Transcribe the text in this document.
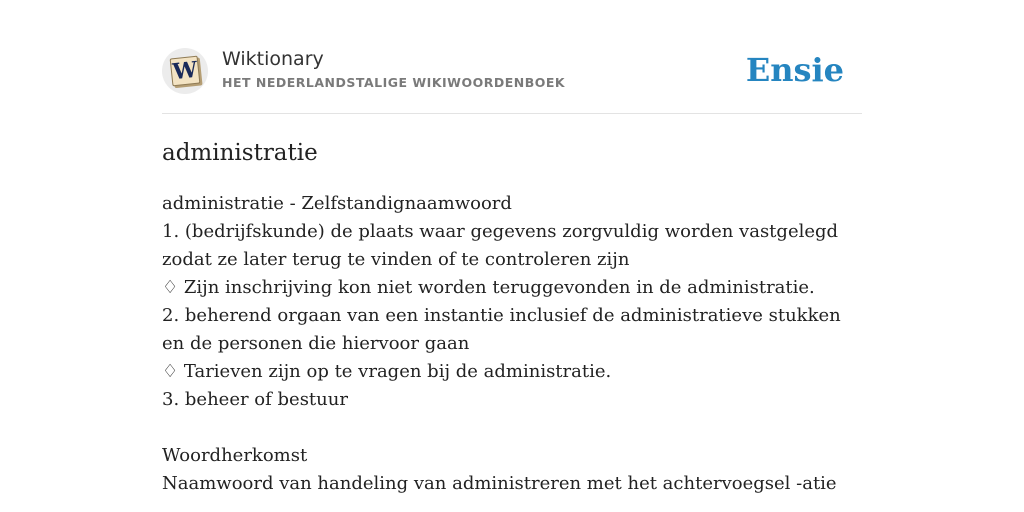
W Wiktionary
HET NEDERLANDSTALIGE WIKIWOORDENBOEK	Ensie
administratie
administratie - Zelfstandignaamwoord
1. (bedrijfskunde) de plaats waar gegevens zorgvuldig worden vastgelegd zodat ze later terug te vinden of te controleren zijn
♢ Zijn inschrijving kon niet worden teruggevonden in de administratie.
2. beherend orgaan van een instantie inclusief de administratieve stukken en de personen die hiervoor gaan
♢ Tarieven zijn op te vragen bij de administratie.
3. beheer of bestuur
Woordherkomst
Naamwoord van handeling van administreren met het achtervoegsel -atie
